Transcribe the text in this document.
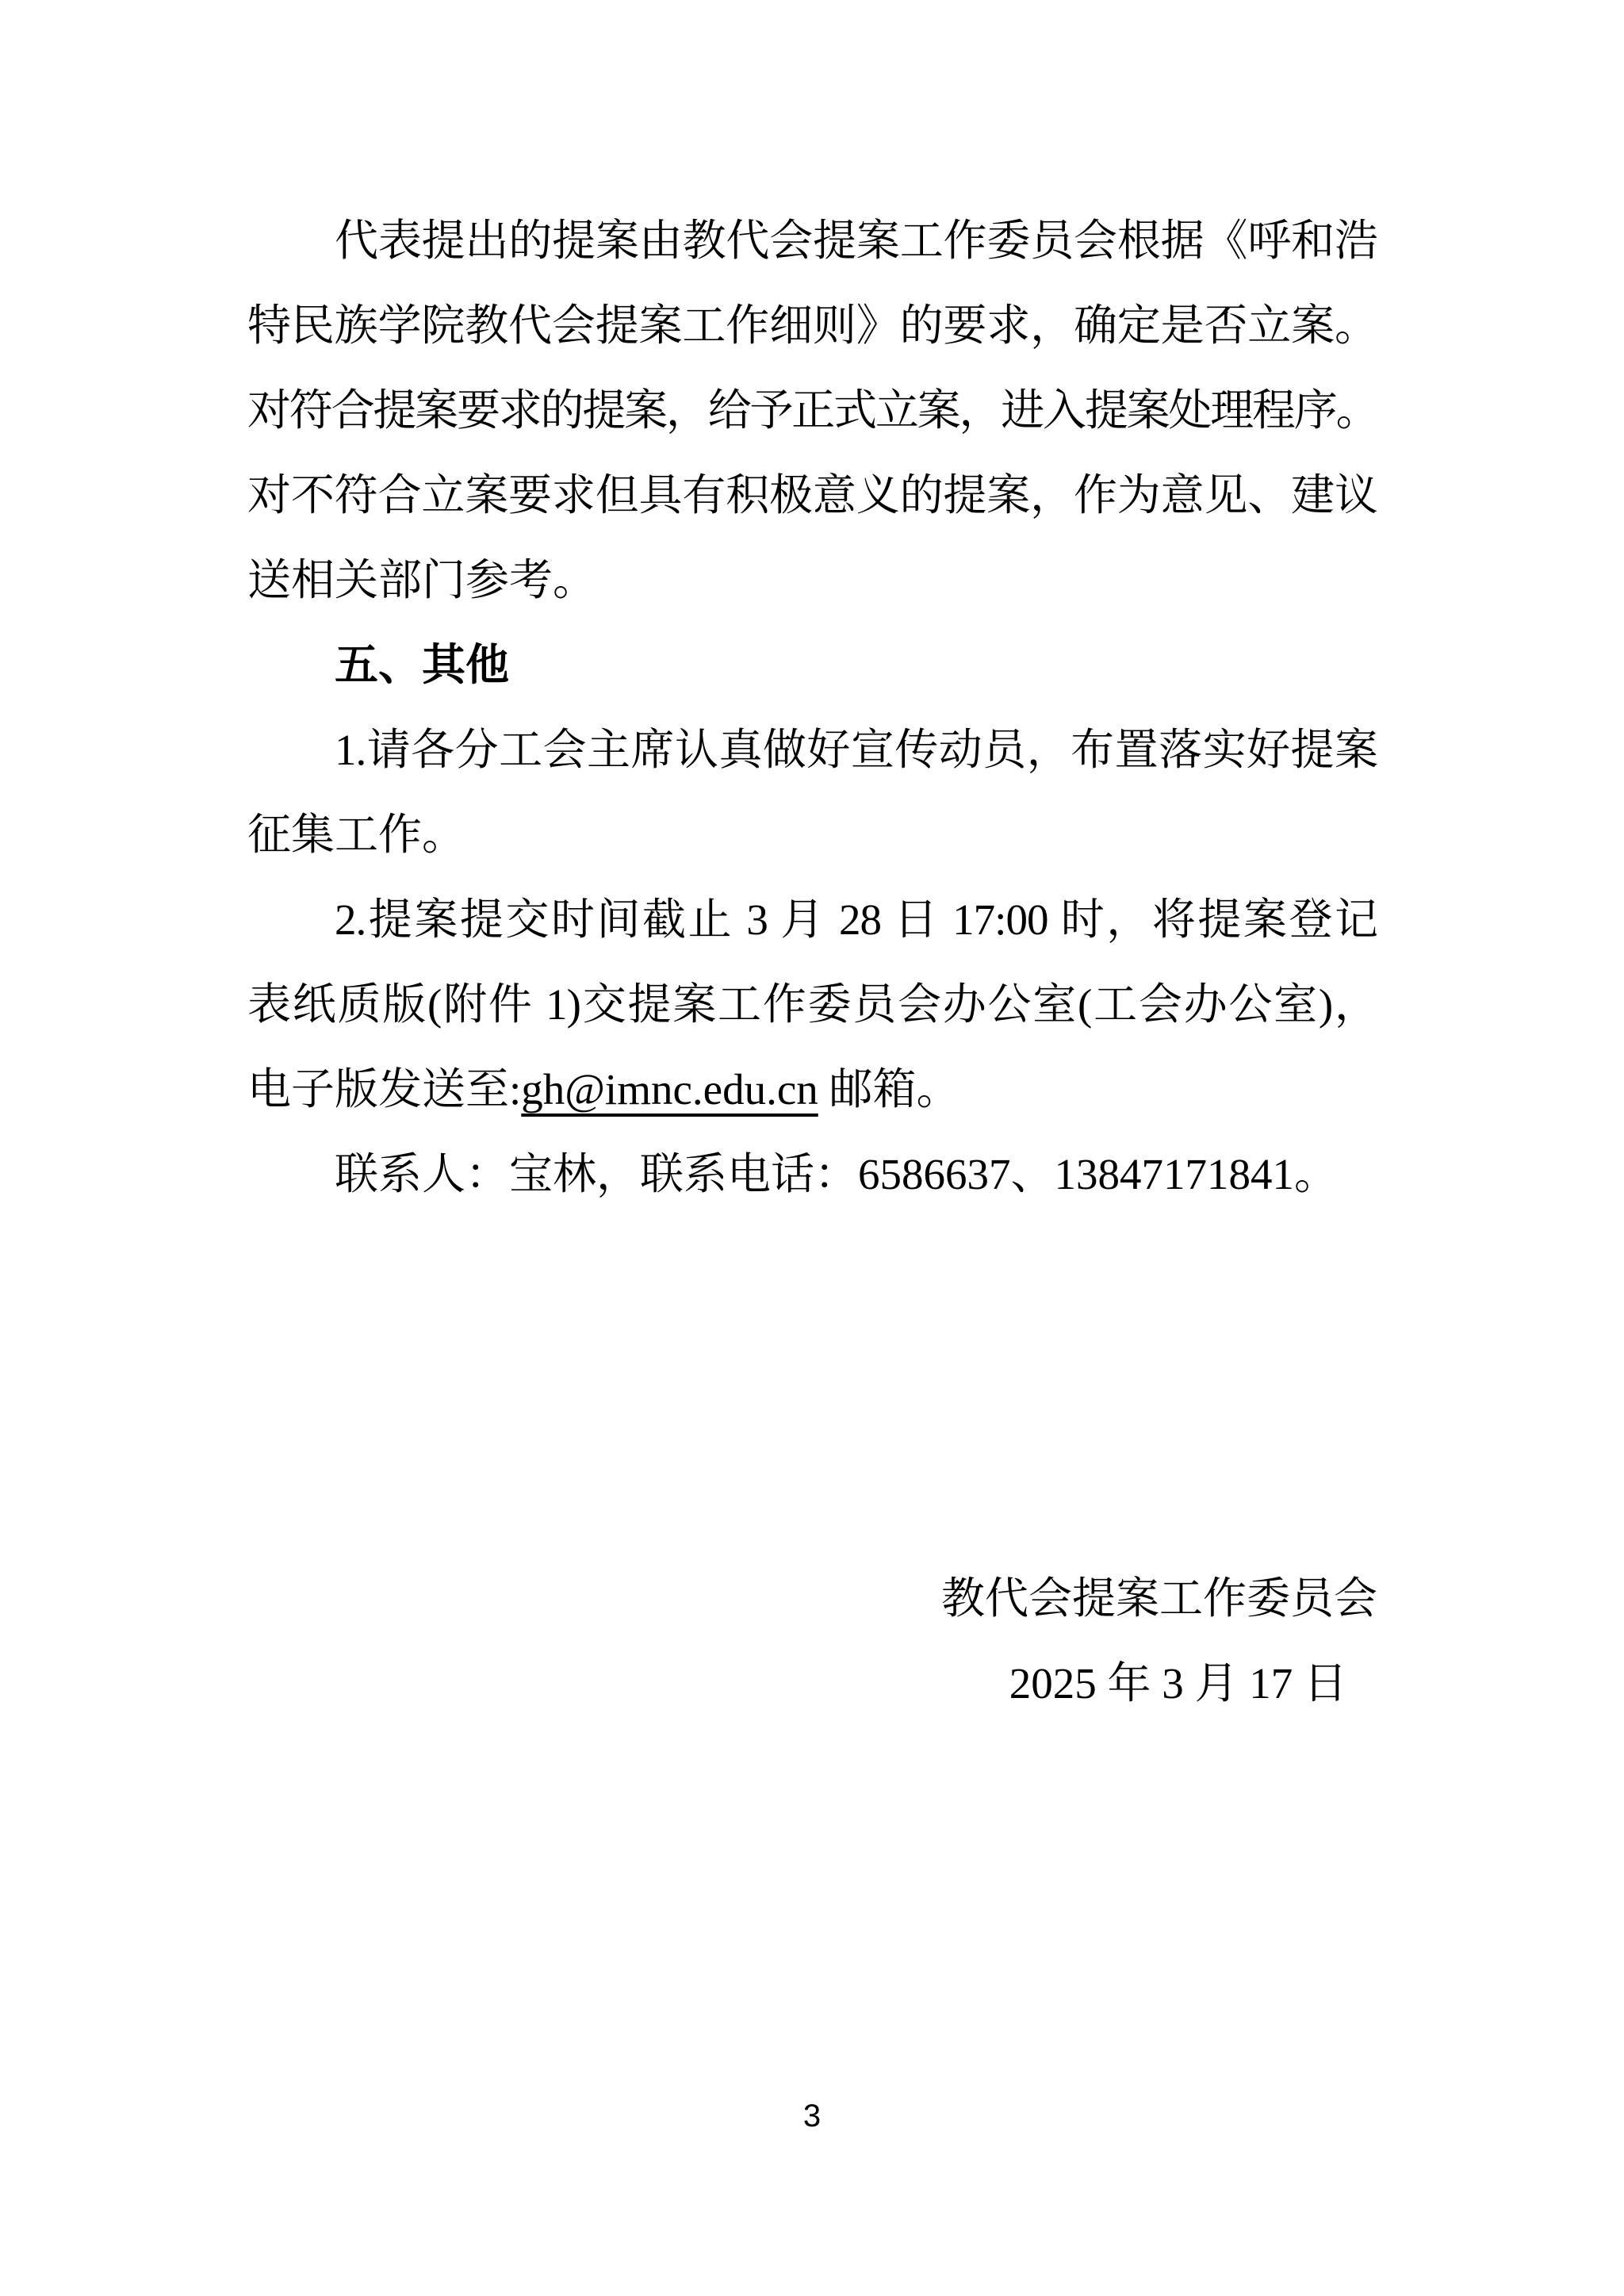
代表提出的提案由教代会提案工作委员会根据《呼和浩
特民族学院教代会提案工作细则》的要求，确定是否立案。
对符合提案要求的提案，给予正式立案，进入提案处理程序。
对不符合立案要求但具有积极意义的提案，作为意见、建议
送相关部门参考。
五、其他
1.请各分工会主席认真做好宣传动员，布置落实好提案
征集工作。
2.提案提交时间截止 3 月 28 日 17:00 时，将提案登记
表纸质版(附件 1)交提案工作委员会办公室(工会办公室)，
电子版发送至:gh@imnc.edu.cn 邮箱。
联系人：宝林，联系电话：6586637、13847171841。
教代会提案工作委员会
2025 年 3 月 17 日
3
